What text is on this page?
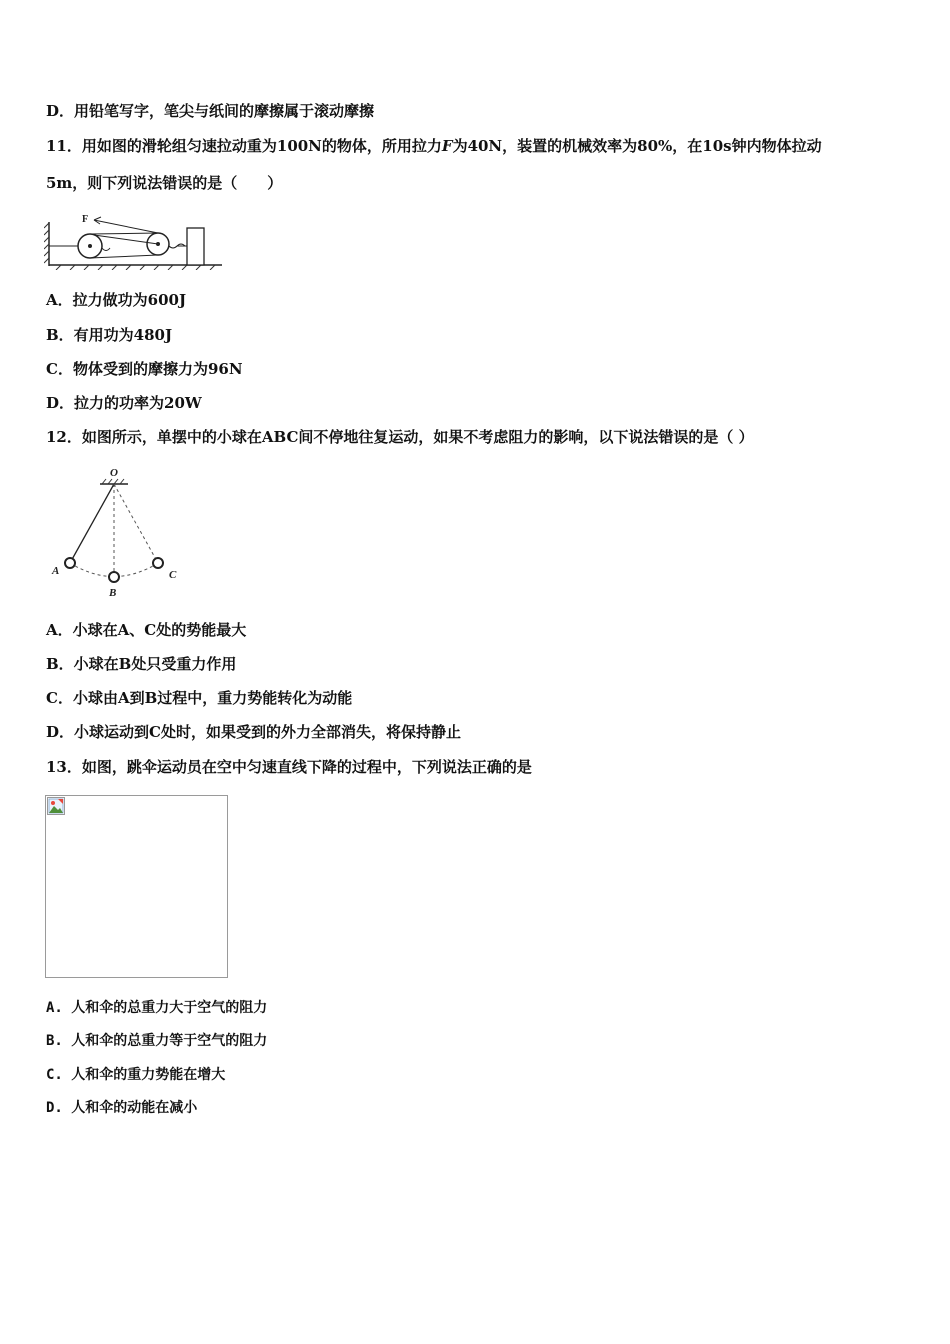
D．用铅笔写字，笔尖与纸间的摩擦属于滚动摩擦
11．用如图的滑轮组匀速拉动重为100N的物体，所用拉力F为40N，装置的机械效率为80%，在10s钟内物体拉动
5m，则下列说法错误的是（　　）
F
A．拉力做功为600J
B．有用功为480J
C．物体受到的摩擦力为96N
D．拉力的功率为20W
12．如图所示，单摆中的小球在ABC间不停地往复运动，如果不考虑阻力的影响，以下说法错误的是（ ）
O
A
B
C
A．小球在A、C处的势能最大
B．小球在B处只受重力作用
C．小球由A到B过程中，重力势能转化为动能
D．小球运动到C处时，如果受到的外力全部消失，将保持静止
13．如图，跳伞运动员在空中匀速直线下降的过程中，下列说法正确的是
A. 人和伞的总重力大于空气的阻力
B. 人和伞的总重力等于空气的阻力
C. 人和伞的重力势能在增大
D. 人和伞的动能在减小
